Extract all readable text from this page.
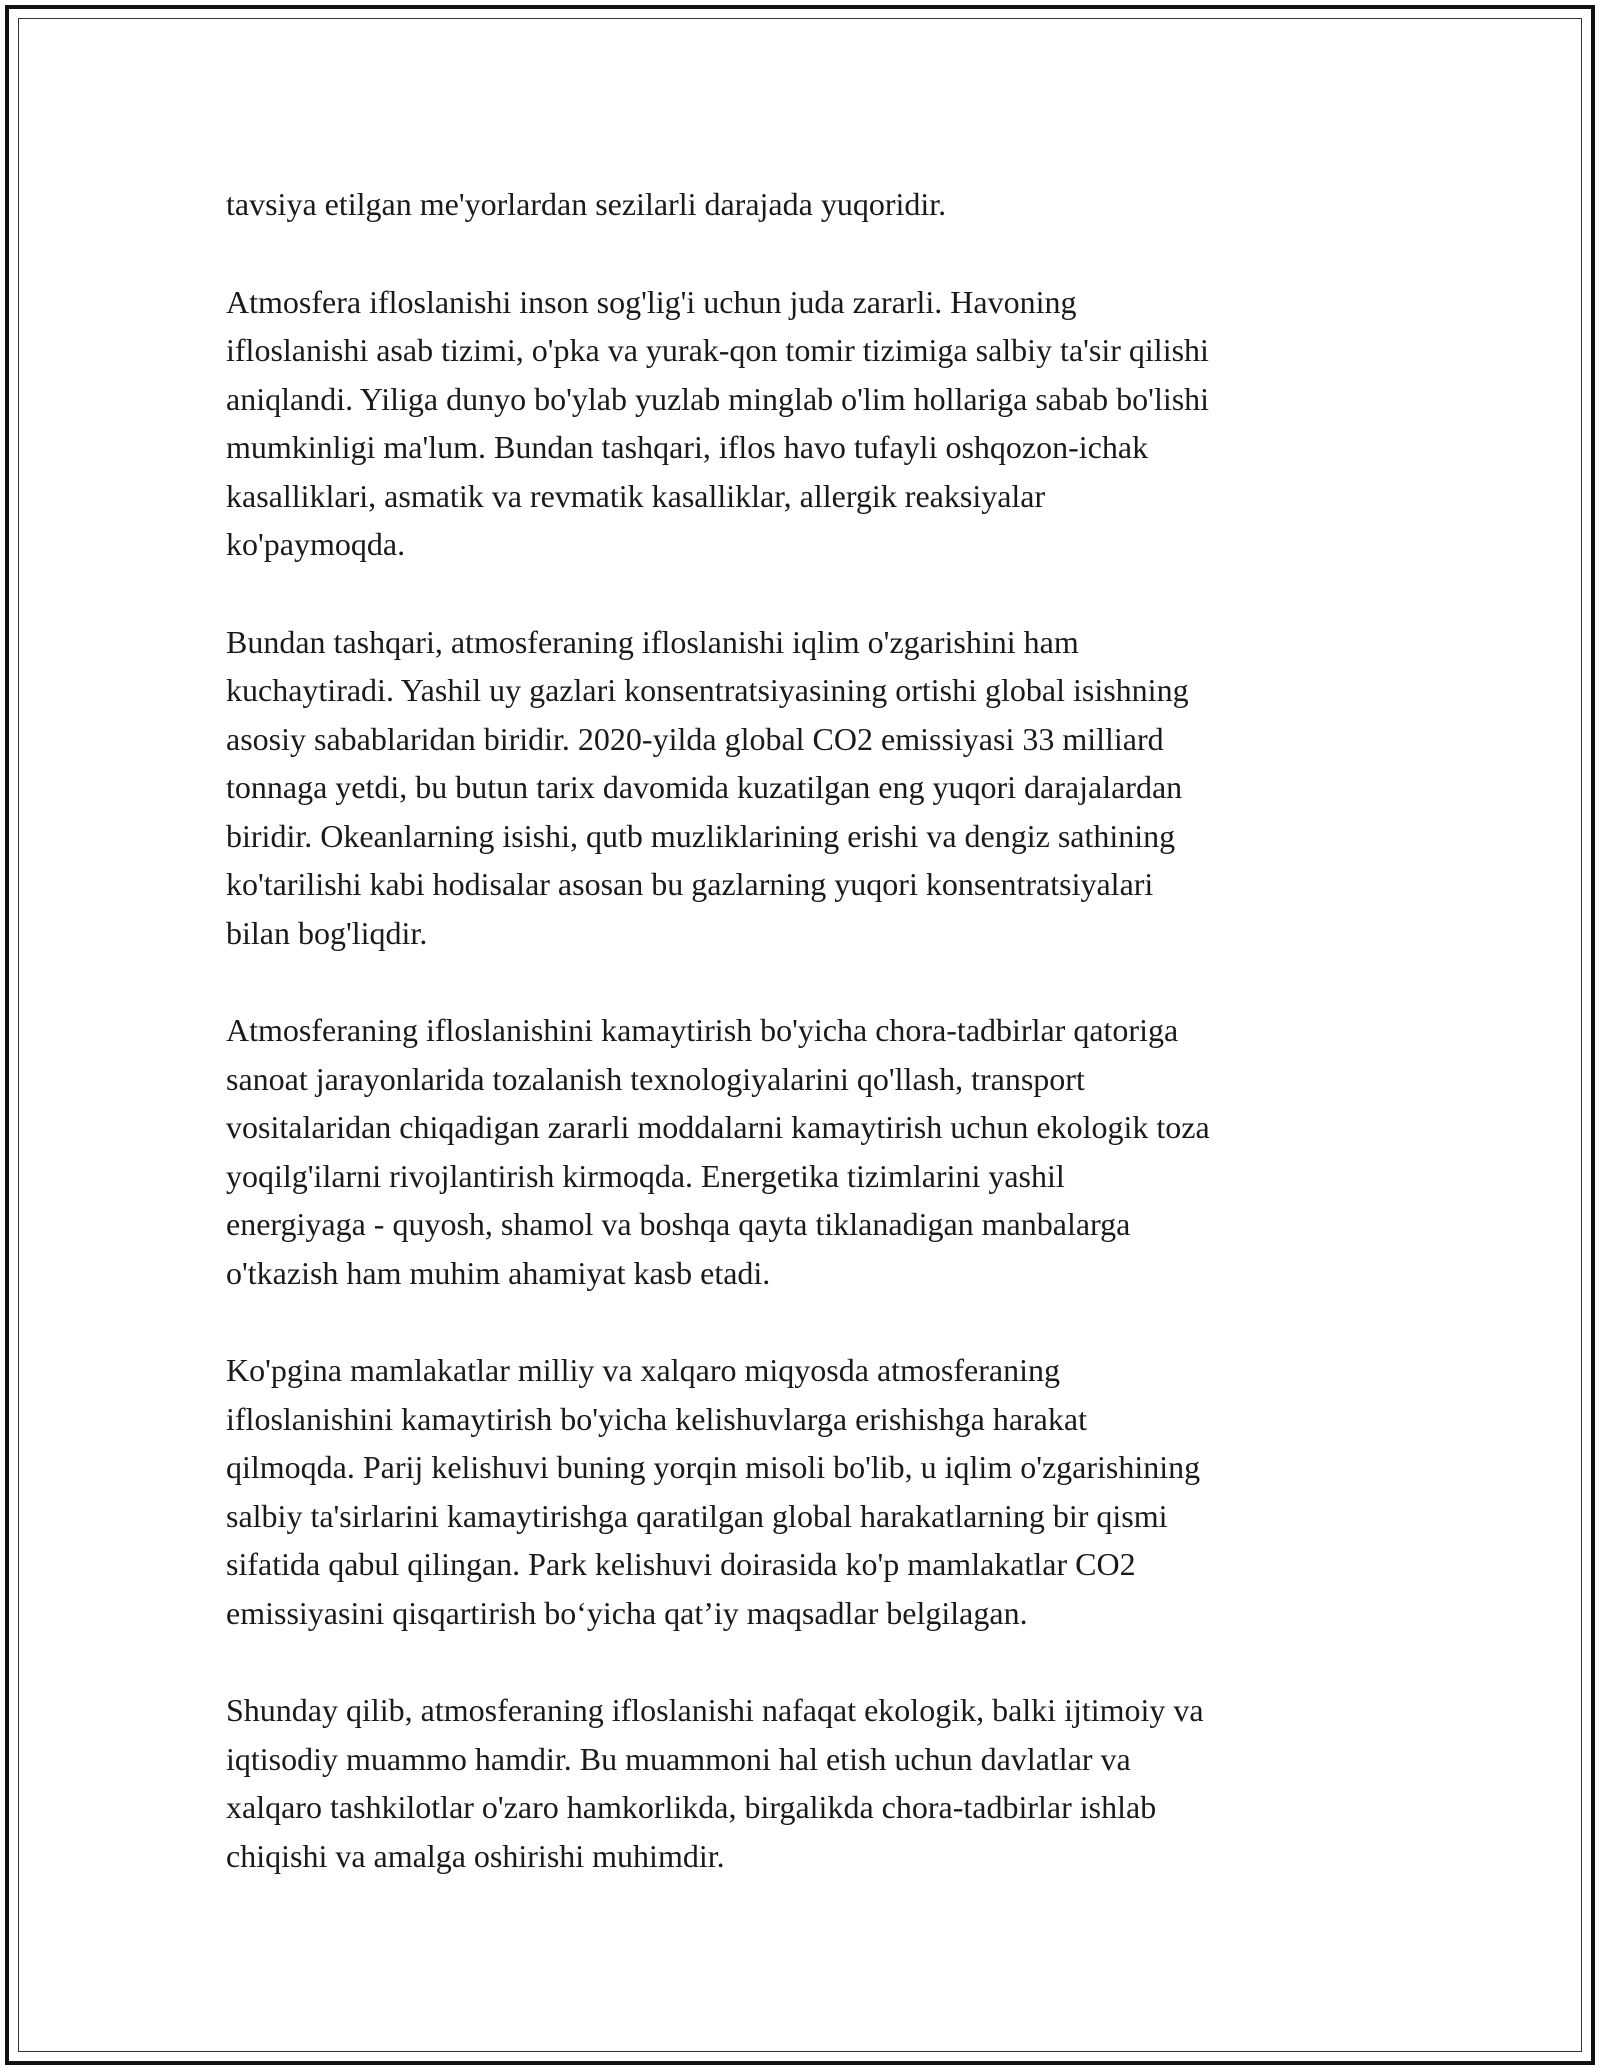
tavsiya etilgan me'yorlardan sezilarli darajada yuqoridir.

Atmosfera ifloslanishi inson sog'lig'i uchun juda zararli. Havoning
ifloslanishi asab tizimi, o'pka va yurak-qon tomir tizimiga salbiy ta'sir qilishi
aniqlandi. Yiliga dunyo bo'ylab yuzlab minglab o'lim hollariga sabab bo'lishi
mumkinligi ma'lum. Bundan tashqari, iflos havo tufayli oshqozon-ichak
kasalliklari, asmatik va revmatik kasalliklar, allergik reaksiyalar
ko'paymoqda.

Bundan tashqari, atmosferaning ifloslanishi iqlim o'zgarishini ham
kuchaytiradi. Yashil uy gazlari konsentratsiyasining ortishi global isishning
asosiy sabablaridan biridir. 2020-yilda global CO2 emissiyasi 33 milliard
tonnaga yetdi, bu butun tarix davomida kuzatilgan eng yuqori darajalardan
biridir. Okeanlarning isishi, qutb muzliklarining erishi va dengiz sathining
ko'tarilishi kabi hodisalar asosan bu gazlarning yuqori konsentratsiyalari
bilan bog'liqdir.

Atmosferaning ifloslanishini kamaytirish bo'yicha chora-tadbirlar qatoriga
sanoat jarayonlarida tozalanish texnologiyalarini qo'llash, transport
vositalaridan chiqadigan zararli moddalarni kamaytirish uchun ekologik toza
yoqilg'ilarni rivojlantirish kirmoqda. Energetika tizimlarini yashil
energiyaga - quyosh, shamol va boshqa qayta tiklanadigan manbalarga
o'tkazish ham muhim ahamiyat kasb etadi.

Ko'pgina mamlakatlar milliy va xalqaro miqyosda atmosferaning
ifloslanishini kamaytirish bo'yicha kelishuvlarga erishishga harakat
qilmoqda. Parij kelishuvi buning yorqin misoli bo'lib, u iqlim o'zgarishining
salbiy ta'sirlarini kamaytirishga qaratilgan global harakatlarning bir qismi
sifatida qabul qilingan. Park kelishuvi doirasida ko'p mamlakatlar CO2
emissiyasini qisqartirish bo‘yicha qat’iy maqsadlar belgilagan.

Shunday qilib, atmosferaning ifloslanishi nafaqat ekologik, balki ijtimoiy va
iqtisodiy muammo hamdir. Bu muammoni hal etish uchun davlatlar va
xalqaro tashkilotlar o'zaro hamkorlikda, birgalikda chora-tadbirlar ishlab
chiqishi va amalga oshirishi muhimdir.
